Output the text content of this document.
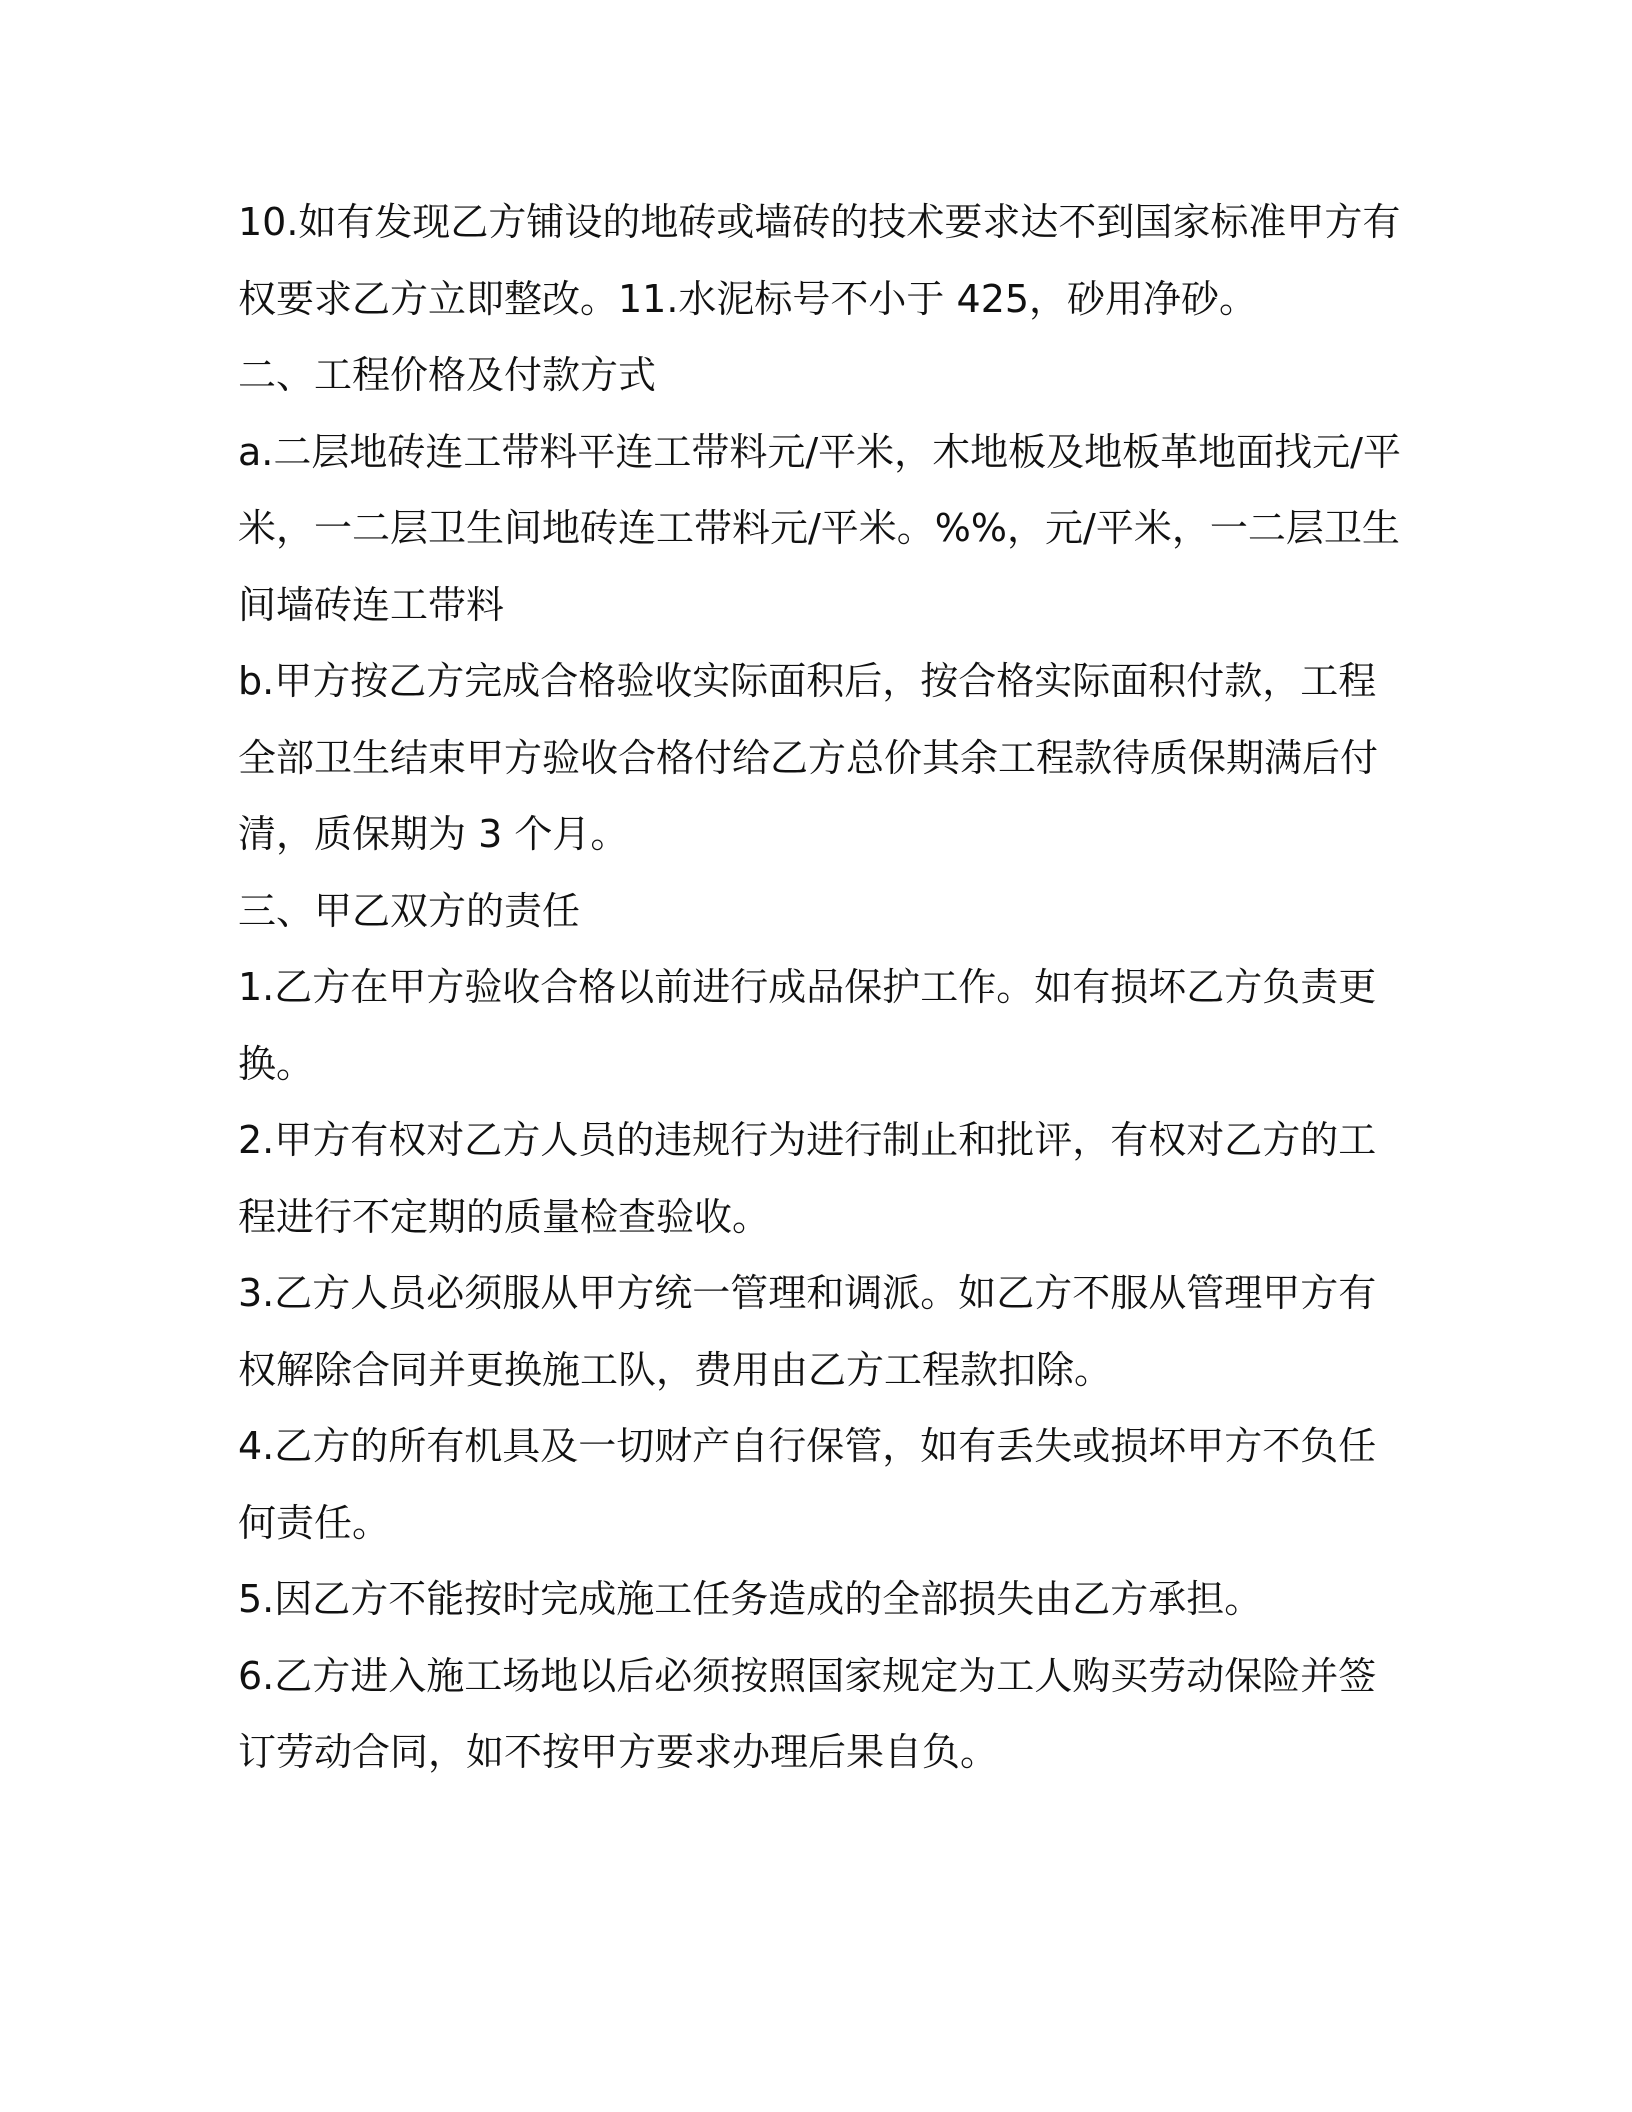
10.如有发现乙方铺设的地砖或墙砖的技术要求达不到国家标准甲方有
权要求乙方立即整改。11.水泥标号不小于 425，砂用净砂。
二、工程价格及付款方式
a.二层地砖连工带料平连工带料元/平米，木地板及地板革地面找元/平
米，一二层卫生间地砖连工带料元/平米。%%，元/平米，一二层卫生
间墙砖连工带料
b.甲方按乙方完成合格验收实际面积后，按合格实际面积付款，工程
全部卫生结束甲方验收合格付给乙方总价其余工程款待质保期满后付
清，质保期为 3 个月。
三、甲乙双方的责任
1.乙方在甲方验收合格以前进行成品保护工作。如有损坏乙方负责更
换。
2.甲方有权对乙方人员的违规行为进行制止和批评，有权对乙方的工
程进行不定期的质量检查验收。
3.乙方人员必须服从甲方统一管理和调派。如乙方不服从管理甲方有
权解除合同并更换施工队，费用由乙方工程款扣除。
4.乙方的所有机具及一切财产自行保管，如有丢失或损坏甲方不负任
何责任。
5.因乙方不能按时完成施工任务造成的全部损失由乙方承担。
6.乙方进入施工场地以后必须按照国家规定为工人购买劳动保险并签
订劳动合同，如不按甲方要求办理后果自负。
